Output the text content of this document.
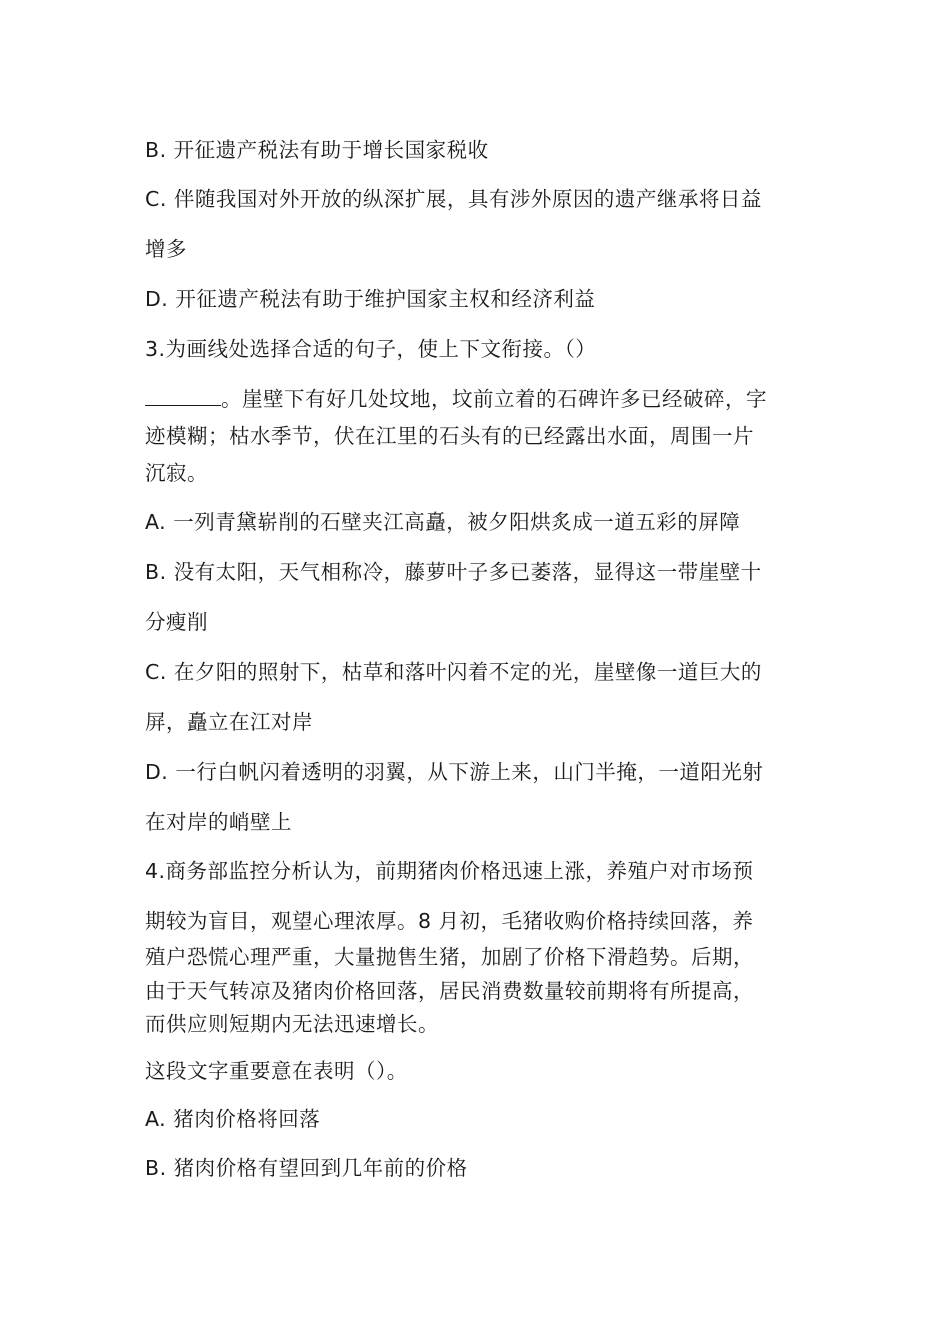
B. 开征遗产税法有助于增长国家税收
C. 伴随我国对外开放的纵深扩展，具有涉外原因的遗产继承将日益
增多
D. 开征遗产税法有助于维护国家主权和经济利益
3.为画线处选择合适的句子，使上下文衔接。（）
。崖壁下有好几处坟地，坟前立着的石碑许多已经破碎，字
迹模糊；枯水季节，伏在江里的石头有的已经露出水面，周围一片
沉寂。
A. 一列青黛崭削的石壁夹江高矗，被夕阳烘炙成一道五彩的屏障
B. 没有太阳，天气相称冷，藤萝叶子多已萎落，显得这一带崖壁十
分瘦削
C. 在夕阳的照射下，枯草和落叶闪着不定的光，崖壁像一道巨大的
屏，矗立在江对岸
D. 一行白帆闪着透明的羽翼，从下游上来，山门半掩，一道阳光射
在对岸的峭壁上
4.商务部监控分析认为，前期猪肉价格迅速上涨，养殖户对市场预
期较为盲目，观望心理浓厚。8 月初，毛猪收购价格持续回落，养
殖户恐慌心理严重，大量抛售生猪，加剧了价格下滑趋势。后期，
由于天气转凉及猪肉价格回落，居民消费数量较前期将有所提高，
而供应则短期内无法迅速增长。
这段文字重要意在表明（）。
A. 猪肉价格将回落
B. 猪肉价格有望回到几年前的价格
